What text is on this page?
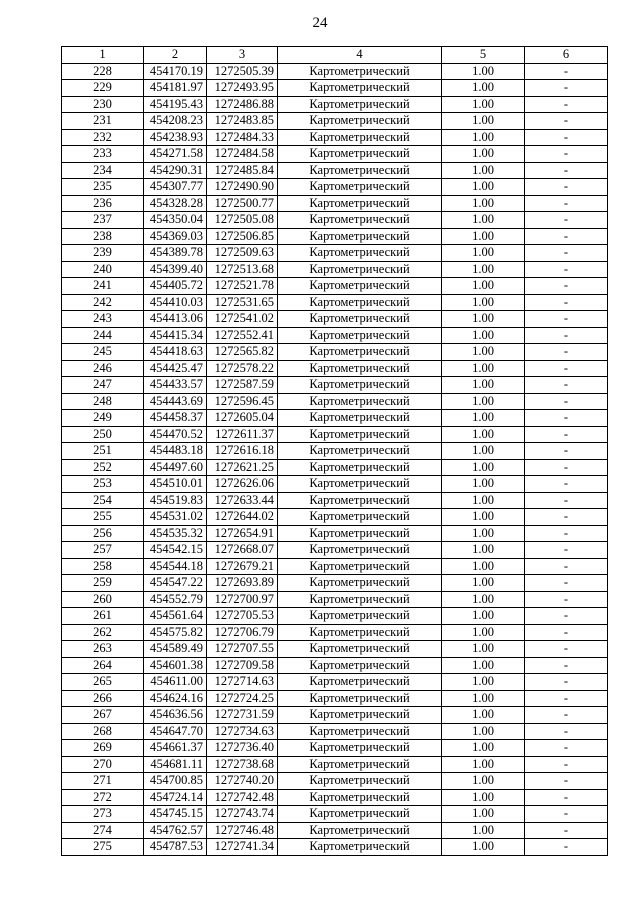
24
1	2	3	4	5	6
228	454170.19	1272505.39	Картометрический	1.00	-
229	454181.97	1272493.95	Картометрический	1.00	-
230	454195.43	1272486.88	Картометрический	1.00	-
231	454208.23	1272483.85	Картометрический	1.00	-
232	454238.93	1272484.33	Картометрический	1.00	-
233	454271.58	1272484.58	Картометрический	1.00	-
234	454290.31	1272485.84	Картометрический	1.00	-
235	454307.77	1272490.90	Картометрический	1.00	-
236	454328.28	1272500.77	Картометрический	1.00	-
237	454350.04	1272505.08	Картометрический	1.00	-
238	454369.03	1272506.85	Картометрический	1.00	-
239	454389.78	1272509.63	Картометрический	1.00	-
240	454399.40	1272513.68	Картометрический	1.00	-
241	454405.72	1272521.78	Картометрический	1.00	-
242	454410.03	1272531.65	Картометрический	1.00	-
243	454413.06	1272541.02	Картометрический	1.00	-
244	454415.34	1272552.41	Картометрический	1.00	-
245	454418.63	1272565.82	Картометрический	1.00	-
246	454425.47	1272578.22	Картометрический	1.00	-
247	454433.57	1272587.59	Картометрический	1.00	-
248	454443.69	1272596.45	Картометрический	1.00	-
249	454458.37	1272605.04	Картометрический	1.00	-
250	454470.52	1272611.37	Картометрический	1.00	-
251	454483.18	1272616.18	Картометрический	1.00	-
252	454497.60	1272621.25	Картометрический	1.00	-
253	454510.01	1272626.06	Картометрический	1.00	-
254	454519.83	1272633.44	Картометрический	1.00	-
255	454531.02	1272644.02	Картометрический	1.00	-
256	454535.32	1272654.91	Картометрический	1.00	-
257	454542.15	1272668.07	Картометрический	1.00	-
258	454544.18	1272679.21	Картометрический	1.00	-
259	454547.22	1272693.89	Картометрический	1.00	-
260	454552.79	1272700.97	Картометрический	1.00	-
261	454561.64	1272705.53	Картометрический	1.00	-
262	454575.82	1272706.79	Картометрический	1.00	-
263	454589.49	1272707.55	Картометрический	1.00	-
264	454601.38	1272709.58	Картометрический	1.00	-
265	454611.00	1272714.63	Картометрический	1.00	-
266	454624.16	1272724.25	Картометрический	1.00	-
267	454636.56	1272731.59	Картометрический	1.00	-
268	454647.70	1272734.63	Картометрический	1.00	-
269	454661.37	1272736.40	Картометрический	1.00	-
270	454681.11	1272738.68	Картометрический	1.00	-
271	454700.85	1272740.20	Картометрический	1.00	-
272	454724.14	1272742.48	Картометрический	1.00	-
273	454745.15	1272743.74	Картометрический	1.00	-
274	454762.57	1272746.48	Картометрический	1.00	-
275	454787.53	1272741.34	Картометрический	1.00	-
